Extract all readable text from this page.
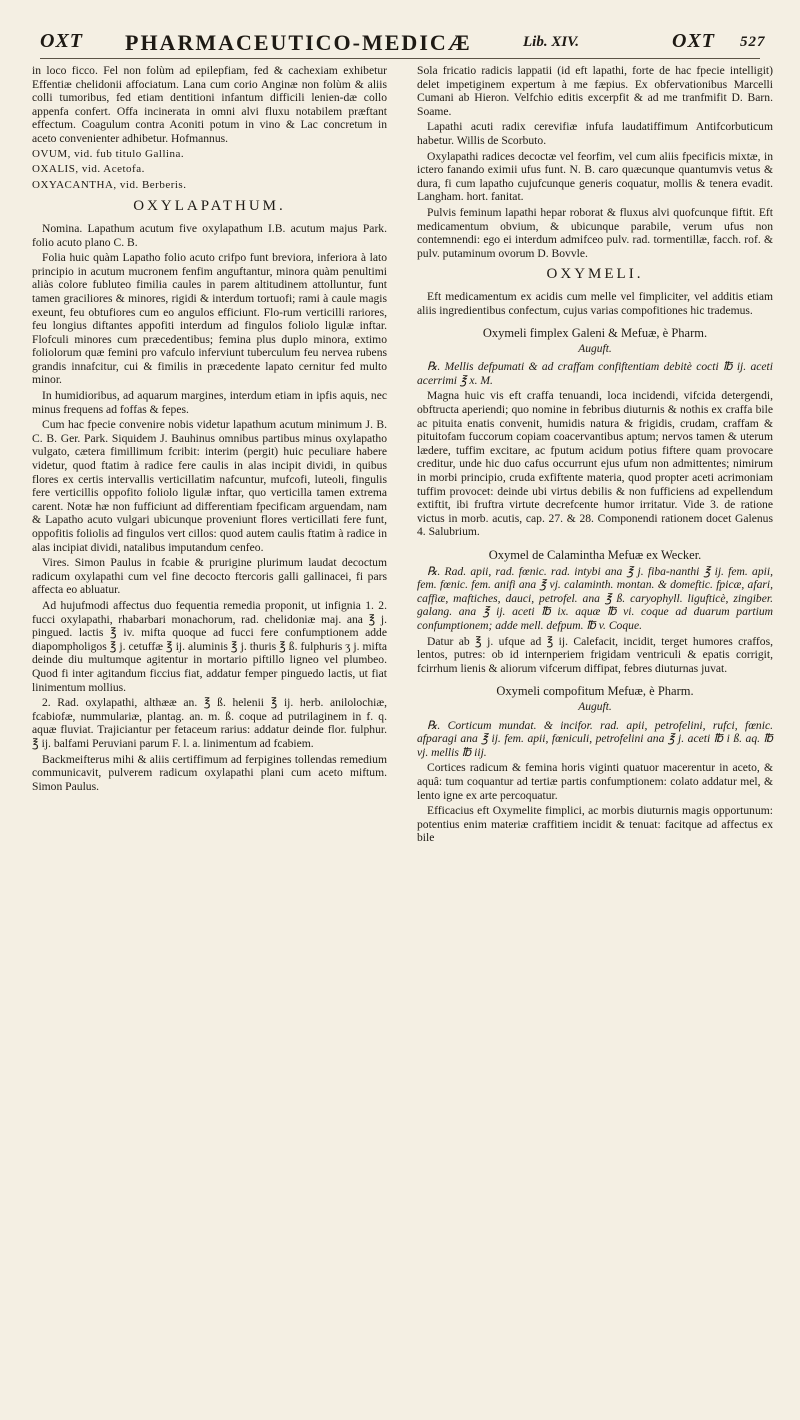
OXT PHARMACEUTICO-MEDICÆ	Lib. XIV.	OXT 527

in loco ficco. Fel non folùm ad epilepfiam, fed & cachexiam exhibetur Effentiæ chelidonii affociatum. Lana cum corio Anginæ non folùm & aliis colli tumoribus, fed etiam dentitioni infantum difficili lenien-dæ collo appenfa confert. Offa incinerata in omni alvi fluxu notabilem præftant effectum. Coagulum contra Aconiti potum in vino & Lac concretum in aceto convenienter adhibetur. Hofmannus.

OVUM, vid. fub titulo Gallina.

OXALIS, vid. Acetofa.

OXYACANTHA, vid. Berberis.

OXYLAPATHUM.

Nomina. Lapathum acutum five oxylapathum I.B. acutum majus Park. folio acuto plano C. B.

Folia huic quàm Lapatho folio acuto crifpo funt breviora, inferiora à lato principio in acutum mucronem fenfim anguftantur, minora quàm penultimi aliàs colore fubluteo fimilia caules in parem altitudinem attolluntur, funt tamen graciliores & minores, rigidi & interdum tortuofi; rami à caule magis exeunt, feu obtufiores cum eo angulos efficiunt. Flo-rum verticilli rariores, feu longius diftantes appofiti interdum ad fingulos foliolo ligulæ inftar. Flofculi minores cum præcedentibus; femina plus duplo minora, extimo foliolorum quæ femini pro vafculo inferviunt tuberculum feu nervea rubens grandis innafcitur, cui & fimilis in præcedente lapato cernitur fed multo minor.

In humidioribus, ad aquarum margines, interdum etiam in ipfis aquis, nec minus frequens ad foffas & fepes.

Cum hac fpecie convenire nobis videtur lapathum acutum minimum J. B. C. B. Ger. Park. Siquidem J. Bauhinus omnibus partibus minus oxylapatho vulgato, cætera fimillimum fcribit: interim (pergit) huic peculiare habere videtur, quod ftatim à radice fere caulis in alas incipit dividi, in quibus flores ex certis intervallis verticillatim nafcuntur, mufcofi, luteoli, fingulis fere verticillis oppofito foliolo ligulæ inftar, quo verticilla tamen extrema carent. Notæ hæ non fufficiunt ad differentiam fpecificam arguendam, nam & Lapatho acuto vulgari ubicunque proveniunt flores verticillati fere funt, oppofitis foliolis ad fingulos vert cillos: quod autem caulis ftatim à radice in alas incipiat dividi, natalibus imputandum cenfeo.

Vires. Simon Paulus in fcabie & prurigine plurimum laudat decoctum radicum oxylapathi cum vel fine decocto ftercoris galli gallinacei, fi pars affecta eo abluatur.

Ad hujufmodi affectus duo fequentia remedia proponit, ut infignia 1. 2. fucci oxylapathi, rhabarbari monachorum, rad. chelidoniæ maj. ana ℥ j. pingued. lactis ℥ iv. mifta quoque ad fucci fere confumptionem adde diapompholigos ℥ j. cetuffæ ℥ ij. aluminis ℥ j. thuris ℥ ß. fulphuris ʒ j. mifta deinde diu multumque agitentur in mortario piftillo ligneo vel plumbeo. Quod fi inter agitandum ficcius fiat, addatur femper pinguedo lactis, ut fiat linimentum mollius.

2. Rad. oxylapathi, althææ an. ℥ ß. helenii ℥ ij. herb. anilolochiæ, fcabiofæ, nummulariæ, plantag. an. m. ß. coque ad putrilaginem in f. q. aquæ fluviat. Trajiciantur per fetaceum rarius: addatur deinde flor. fulphur. ℥ ij. balfami Peruviani parum F. l. a. linimentum ad fcabiem.

Backmeifterus mihi & aliis certiffimum ad ferpigines tollendas remedium communicavit, pulverem radicum oxylapathi plani cum aceto miftum. Simon Paulus.

Sola fricatio radicis lappatii (id eft lapathi, forte de hac fpecie intelligit) delet impetiginem expertum à me fæpius. Ex obfervationibus Marcelli Cumani ab Hieron. Velfchio editis excerpfit & ad me tranfmifit D. Barn. Soame.

Lapathi acuti radix cerevifiæ infufa laudatiffimum Antifcorbuticum habetur. Willis de Scorbuto.

Oxylapathi radices decoctæ vel feorfim, vel cum aliis fpecificis mixtæ, in ictero fanando eximii ufus funt. N. B. caro quæcunque quantumvis vetus & dura, fi cum lapatho cujufcunque generis coquatur, mollis & tenera evadit. Langham. hort. fanitat.

Pulvis feminum lapathi hepar roborat & fluxus alvi quofcunque fiftit. Eft medicamentum obvium, & ubicunque parabile, verum ufus non contemnendi: ego ei interdum admifceo pulv. rad. tormentillæ, facch. rof. & pulv. putaminum ovorum D. Bovvle.

OXYMELI.

Eft medicamentum ex acidis cum melle vel fimpliciter, vel additis etiam aliis ingredientibus confectum, cujus varias compofitiones hic trademus.

Oxymeli fimplex Galeni & Mefuæ, è Pharm.
Auguft.

℞. Mellis defpumati & ad craffam confiftentiam debitè cocti ℔ ij. aceti acerrimi ℥ x. M.

Magna huic vis eft craffa tenuandi, loca incidendi, vifcida detergendi, obftructa aperiendi; quo nomine in febribus diuturnis & nothis ex craffa bile ac pituita enatis convenit, humidis natura & frigidis, crudam, craffam & pituitofam fuccorum copiam coacervantibus aptum; nervos tamen & uterum lædere, tuffim excitare, ac fputum acidum potius fiftere quam provocare creditur, unde hic duo cafus occurrunt ejus ufum non admittentes; nimirum in morbi principio, cruda exfiftente materia, quod propter aceti acrimoniam tuffim provocet: deinde ubi virtus debilis & non fufficiens ad expellendum extiftit, ibi fruftra virtute decrefcente humor irritatur. Vide 3. de ratione victus in morb. acutis, cap. 27. & 28. Componendi rationem docet Galenus 4. Salubrium.

Oxymel de Calamintha Mefuæ ex Wecker.

℞. Rad. apii, rad. fœnic. rad. intybi ana ℥ j. fiba-nanthi ℥ ij. fem. apii, fem. fœnic. fem. anifi ana ℥ vj. calaminth. montan. & domeftic. fpicæ, afari, caffiæ, maftiches, dauci, petrofel. ana ℥ ß. caryophyll. ligufticè, zingiber. galang. ana ℥ ij. aceti ℔ ix. aquæ ℔ vi. coque ad duarum partium confumptionem; adde mell. defpum. ℔ v. Coque.

Datur ab ℥ j. ufque ad ℥ ij. Calefacit, incidit, terget humores craffos, lentos, putres: ob id internperiem frigidam ventriculi & epatis corrigit, fcirrhum lienis & aliorum vifcerum diffipat, febres diuturnas juvat.

Oxymeli compofitum Mefuæ, è Pharm.
Auguft.

℞. Corticum mundat. & incifor. rad. apii, petrofelini, rufci, fœnic. afparagi ana ℥ ij. fem. apii, fœniculi, petrofelini ana ℥ j. aceti ℔ i ß. aq. ℔ vj. mellis ℔ iij.

Cortices radicum & femina horis viginti quatuor macerentur in aceto, & aquâ: tum coquantur ad tertiæ partis confumptionem: colato addatur mel, & lento igne ex arte percoquatur.

Efficacius eft Oxymelite fimplici, ac morbis diuturnis magis opportunum: potentius enim materiæ craffitiem incidit & tenuat: facitque ad affectus ex bile
